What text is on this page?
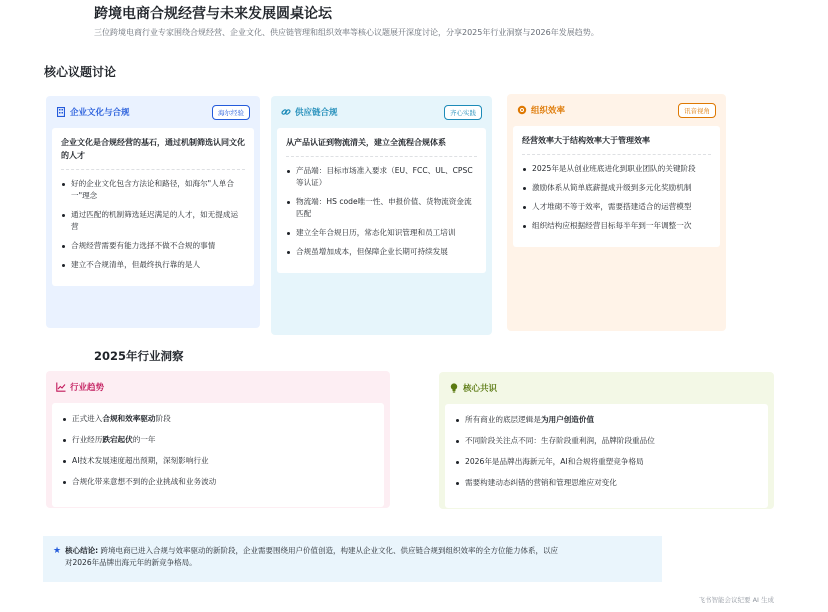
跨境电商合规经营与未来发展圆桌论坛
三位跨境电商行业专家围绕合规经营、企业文化、供应链管理和组织效率等核心议题展开深度讨论，分享2025年行业洞察与2026年发展趋势。
核心议题讨论
企业文化与合规	海尔经验
企业文化是合规经营的基石，通过机制筛选认同文化的人才
好的企业文化包含方法论和路径，如海尔"人单合一"理念
通过匹配的机制筛选延迟满足的人才，如无提成运营
合规经营需要有能力选择不做不合规的事情
建立不合规清单，但最终执行靠的是人
供应链合规	齐心实践
从产品认证到物流清关，建立全流程合规体系
产品端：目标市场准入要求（EU、FCC、UL、CPSC等认证）
物流端：HS code唯一性、申报价值、货物流资金流匹配
建立全年合规日历，常态化知识管理和员工培训
合规虽增加成本，但保障企业长期可持续发展
组织效率	讯音视角
经营效率大于结构效率大于管理效率
2025年是从创业班底进化到职业团队的关键阶段
激励体系从简单底薪提成升级到多元化奖励机制
人才堆砌不等于效率，需要搭建适合的运营模型
组织结构应根据经营目标每半年到一年调整一次
2025年行业洞察
行业趋势
正式进入合规和效率驱动阶段
行业经历跌宕起伏的一年
AI技术发展速度超出预期，深刻影响行业
合规化带来意想不到的企业挑战和业务波动
核心共识
所有商业的底层逻辑是为用户创造价值
不同阶段关注点不同：生存阶段重利润，品牌阶段重品位
2026年是品牌出海新元年，AI和合规将重塑竞争格局
需要构建动态纠错的营销和管理思维应对变化
★ 核心结论: 跨境电商已进入合规与效率驱动的新阶段，企业需要围绕用户价值创造，构建从企业文化、供应链合规到组织效率的全方位能力体系，以应
对2026年品牌出海元年的新竞争格局。
飞书智能会议纪要 AI 生成
